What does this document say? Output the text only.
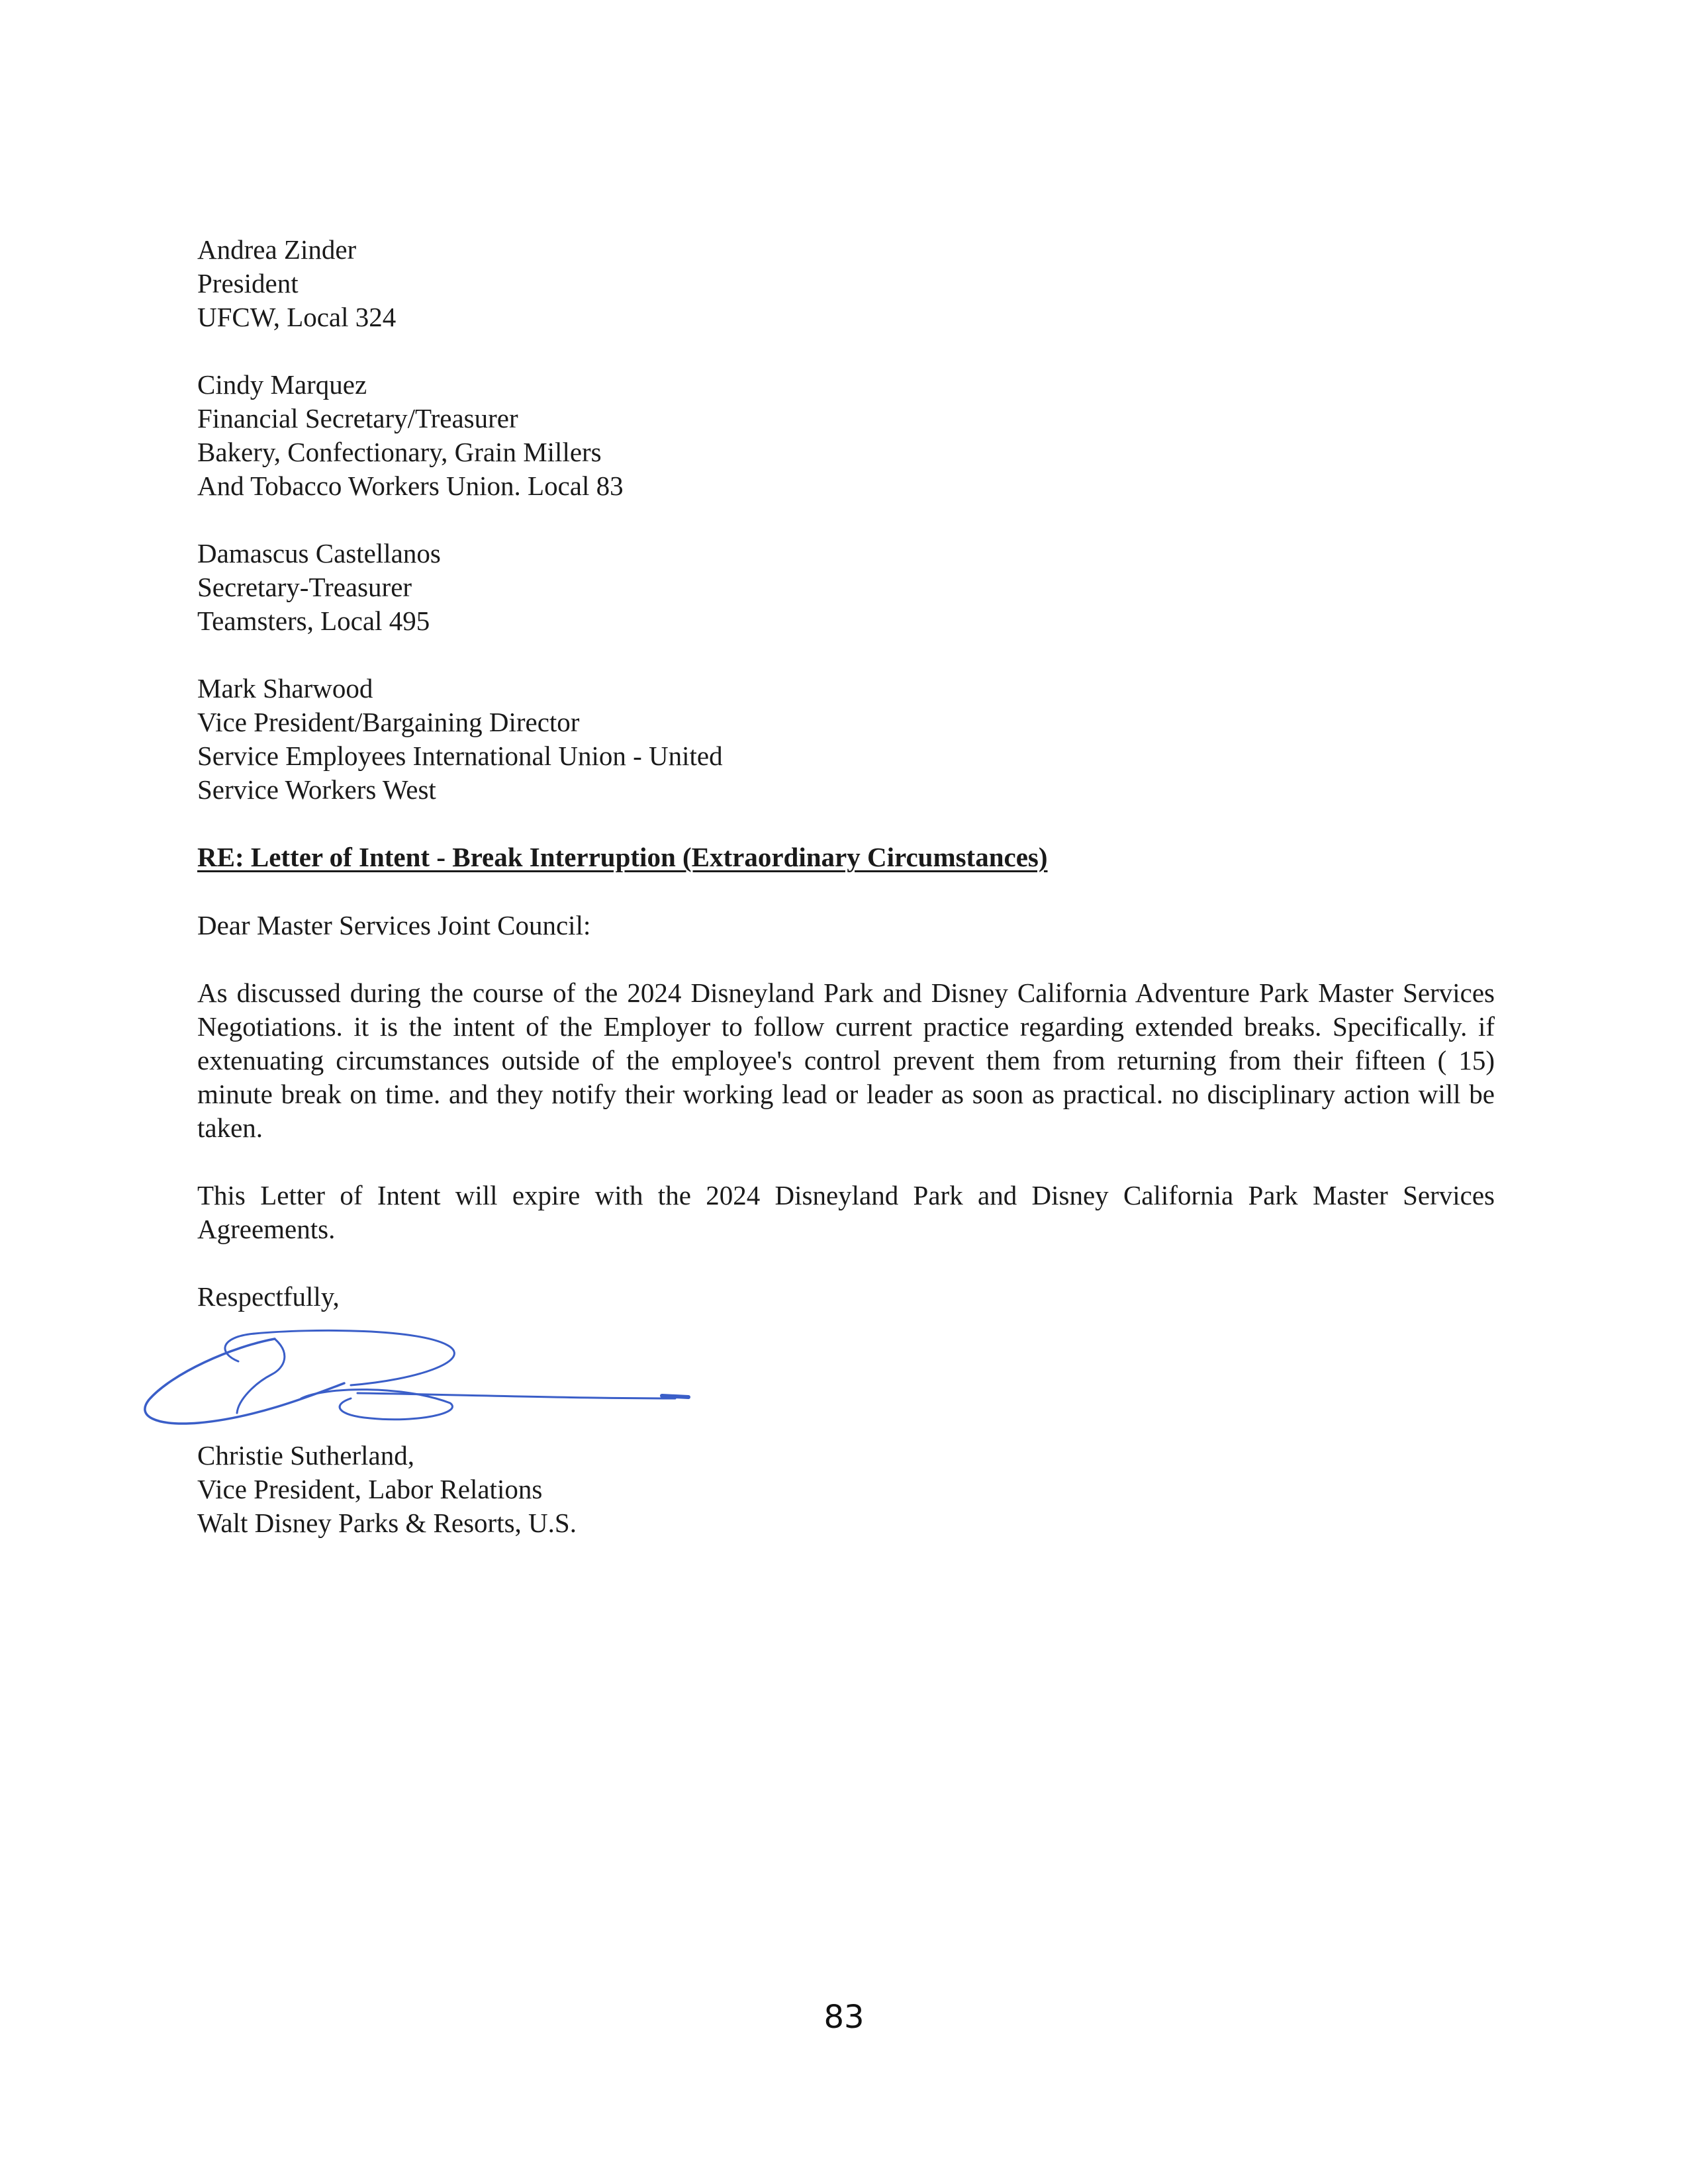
Andrea Zinder
President
UFCW, Local 324
Cindy Marquez
Financial Secretary/Treasurer
Bakery, Confectionary, Grain Millers
And Tobacco Workers Union. Local 83
Damascus Castellanos
Secretary-Treasurer
Teamsters, Local 495
Mark Sharwood
Vice President/Bargaining Director
Service Employees International Union - United
Service Workers West
RE: Letter of Intent - Break Interruption (Extraordinary Circumstances)
Dear Master Services Joint Council:
As discussed during the course of the 2024 Disneyland Park and Disney California Adventure Park Master Services Negotiations. it is the intent of the Employer to follow current practice regarding extended breaks. Specifically. if extenuating circumstances outside of the employee's control prevent them from returning from their fifteen ( 15) minute break on time. and they notify their working lead or leader as soon as practical. no disciplinary action will be taken.
This Letter of Intent will expire with the 2024 Disneyland Park and Disney California Park Master Services Agreements.
Respectfully,
Christie Sutherland,
Vice President, Labor Relations
Walt Disney Parks & Resorts, U.S.
83
